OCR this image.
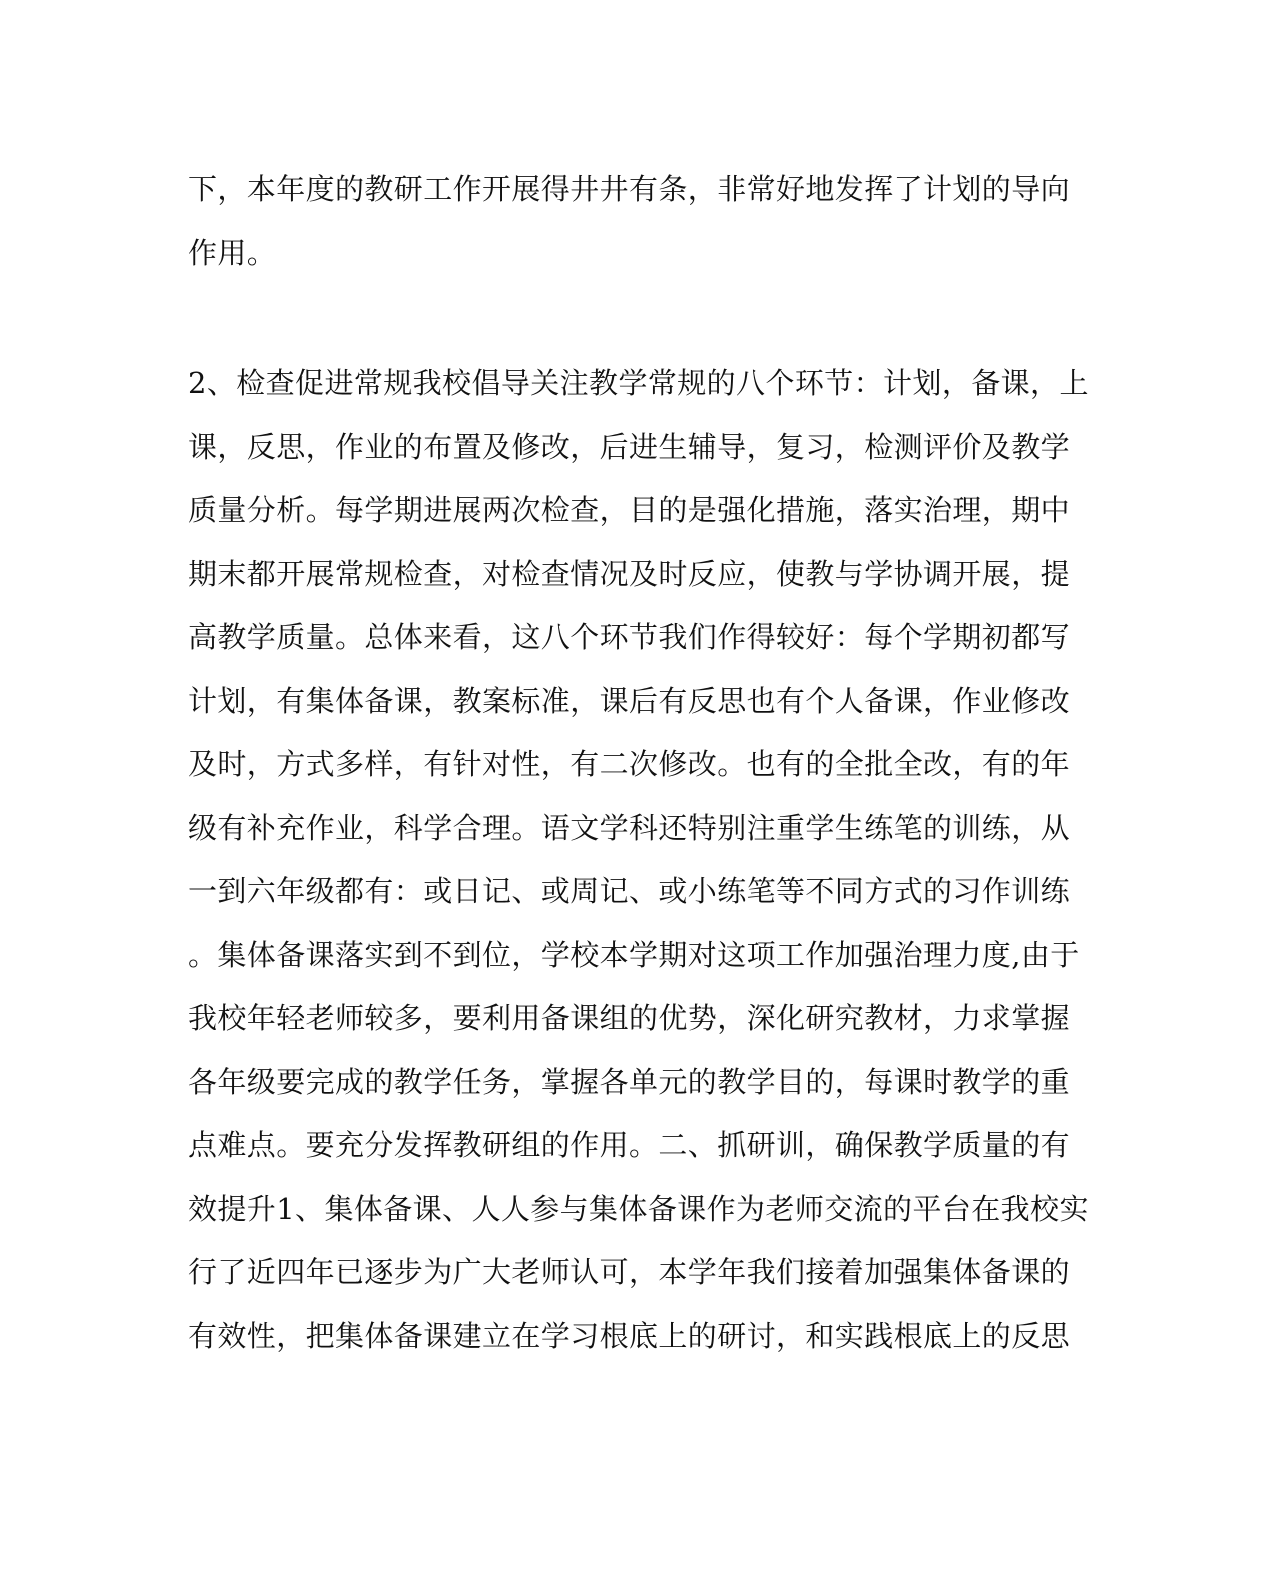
下，本年度的教研工作开展得井井有条，非常好地发挥了计划的导向
作用。
2、检查促进常规我校倡导关注教学常规的八个环节：计划，备课，上
课，反思，作业的布置及修改，后进生辅导，复习，检测评价及教学
质量分析。每学期进展两次检查，目的是强化措施，落实治理，期中
期末都开展常规检查，对检查情况及时反应，使教与学协调开展，提
高教学质量。总体来看，这八个环节我们作得较好：每个学期初都写
计划，有集体备课，教案标准，课后有反思也有个人备课，作业修改
及时，方式多样，有针对性，有二次修改。也有的全批全改，有的年
级有补充作业，科学合理。语文学科还特别注重学生练笔的训练，从
一到六年级都有：或日记、或周记、或小练笔等不同方式的习作训练
。集体备课落实到不到位，学校本学期对这项工作加强治理力度,由于
我校年轻老师较多，要利用备课组的优势，深化研究教材，力求掌握
各年级要完成的教学任务，掌握各单元的教学目的，每课时教学的重
点难点。要充分发挥教研组的作用。二、抓研训，确保教学质量的有
效提升1、集体备课、人人参与集体备课作为老师交流的平台在我校实
行了近四年已逐步为广大老师认可，本学年我们接着加强集体备课的
有效性，把集体备课建立在学习根底上的研讨，和实践根底上的反思
